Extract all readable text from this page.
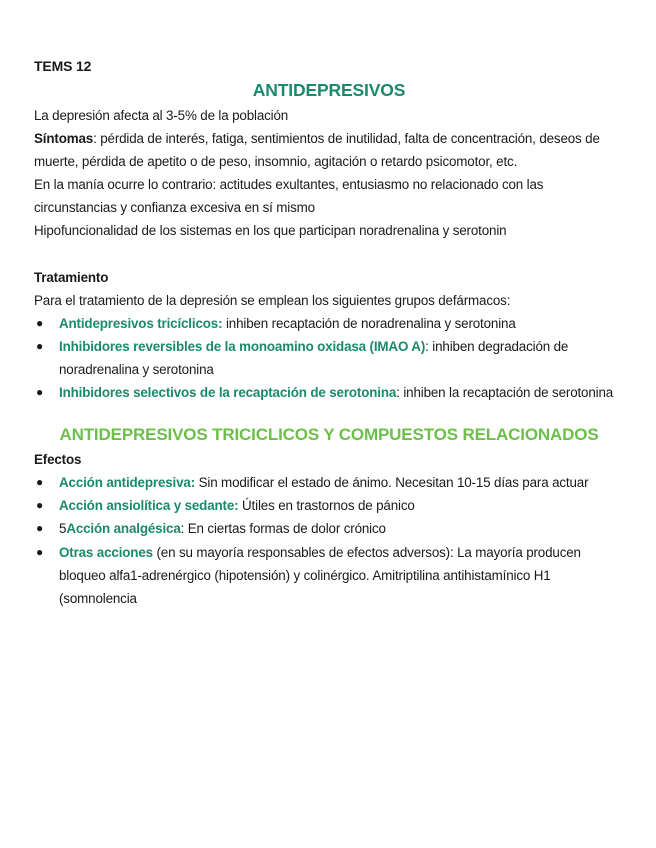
TEMS 12

ANTIDEPRESIVOS

La depresión afecta al 3-5% de la población

Síntomas: pérdida de interés, fatiga, sentimientos de inutilidad, falta de concentración, deseos de muerte, pérdida de apetito o de peso, insomnio, agitación o retardo psicomotor, etc.

En la manía ocurre lo contrario: actitudes exultantes, entusiasmo no relacionado con las circunstancias y confianza excesiva en sí mismo

Hipofuncionalidad de los sistemas en los que participan noradrenalina y serotonin

Tratamiento

Para el tratamiento de la depresión se emplean los siguientes grupos defármacos:

● Antidepresivos tricíclicos: inhiben recaptación de noradrenalina y serotonina
● Inhibidores reversibles de la monoamino oxidasa (IMAO A): inhiben degradación de noradrenalina y serotonina
● Inhibidores selectivos de la recaptación de serotonina: inhiben la recaptación de serotonina
ANTIDEPRESIVOS TRICICLICOS Y COMPUESTOS RELACIONADOS

Efectos

● Acción antidepresiva: Sin modificar el estado de ánimo. Necesitan 10-15 días para actuar
● Acción ansiolítica y sedante: Útiles en trastornos de pánico
● 5Acción analgésica: En ciertas formas de dolor crónico
● Otras acciones (en su mayoría responsables de efectos adversos): La mayoría producen bloqueo alfa1-adrenérgico (hipotensión) y colinérgico. Amitriptilina antihistamínico H1 (somnolencia
